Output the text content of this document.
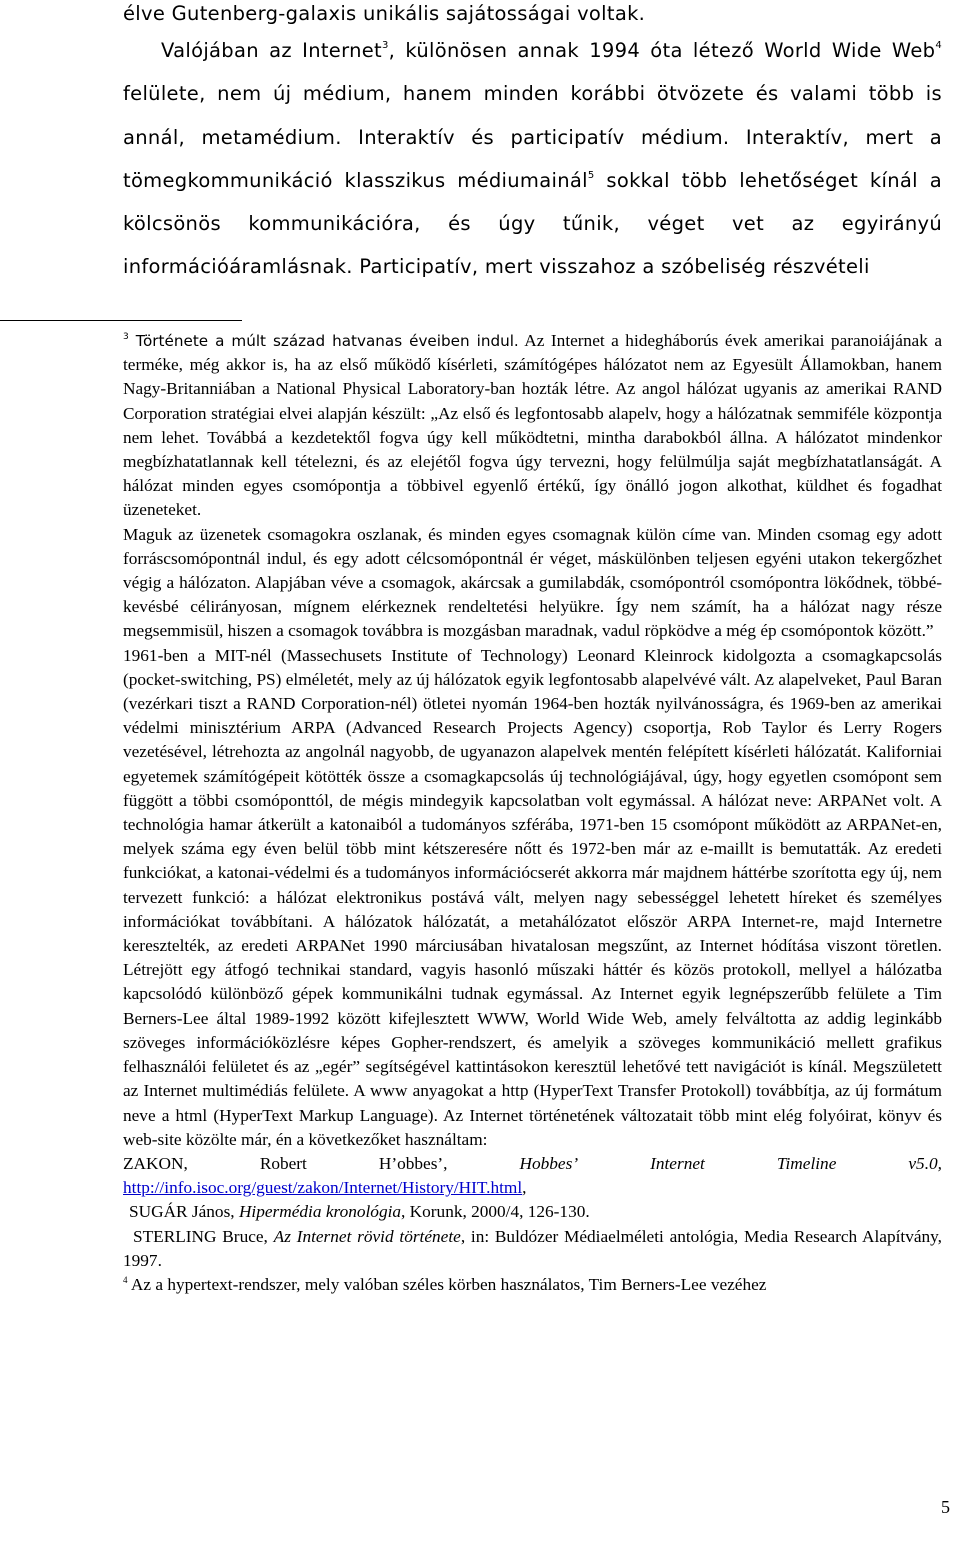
élve Gutenberg-galaxis unikális sajátosságai voltak.

Valójában az Internet$^3$, különösen annak 1994 óta létező World Wide Web$^4$ felülete, nem új médium, hanem minden korábbi ötvözete és valami több is annál, metamédium. Interaktív és participatív médium. Interaktív, mert a tömegkommunikáció klasszikus médiumainál$^5$ sokkal több lehetőséget kínál a kölcsönös kommunikációra, és úgy tűnik, véget vet az egyirányú információáramlásnak. Participatív, mert visszahoz a szóbeliség részvételi

$^3$ Története a múlt század hatvanas éveiben indul. Az Internet a hidegháborús évek amerikai paranoiájának a terméke, még akkor is, ha az első működő kísérleti, számítógépes hálózatot nem az Egyesült Államokban, hanem Nagy-Britanniában a National Physical Laboratory-ban hozták létre. Az angol hálózat ugyanis az amerikai RAND Corporation stratégiai elvei alapján készült: „Az első és legfontosabb alapelv, hogy a hálózatnak semmiféle központja nem lehet. Továbbá a kezdetektől fogva úgy kell működtetni, mintha darabokból állna. A hálózatot mindenkor megbízhatatlannak kell tételezni, és az elejétől fogva úgy tervezni, hogy felülmúlja saját megbízhatatlanságát. A hálózat minden egyes csomópontja a többivel egyenlő értékű, így önálló jogon alkothat, küldhet és fogadhat üzeneteket.

Maguk az üzenetek csomagokra oszlanak, és minden egyes csomagnak külön címe van. Minden csomag egy adott forráscsomópontnál indul, és egy adott célcsomópontnál ér véget, máskülönben teljesen egyéni utakon tekergőzhet végig a hálózaton. Alapjában véve a csomagok, akárcsak a gumilabdák, csomópontról csomópontra lökődnek, többé-kevésbé célirányosan, mígnem elérkeznek rendeltetési helyükre. Így nem számít, ha a hálózat nagy része megsemmisül, hiszen a csomagok továbbra is mozgásban maradnak, vadul röpködve a még ép csomópontok között.”

1961-ben a MIT-nél (Massechusets Institute of Technology) Leonard Kleinrock kidolgozta a csomagkapcsolás (pocket-switching, PS) elméletét, mely az új hálózatok egyik legfontosabb alapelvévé vált. Az alapelveket, Paul Baran (vezérkari tiszt a RAND Corporation-nél) ötletei nyomán 1964-ben hozták nyilvánosságra, és 1969-ben az amerikai védelmi minisztérium ARPA (Advanced Research Projects Agency) csoportja, Rob Taylor és Lerry Rogers vezetésével, létrehozta az angolnál nagyobb, de ugyanazon alapelvek mentén felépített kísérleti hálózatát. Kaliforniai egyetemek számítógépeit kötötték össze a csomagkapcsolás új technológiájával, úgy, hogy egyetlen csomópont sem függött a többi csomóponttól, de mégis mindegyik kapcsolatban volt egymással. A hálózat neve: ARPANet volt. A technológia hamar átkerült a katonaiból a tudományos szférába, 1971-ben 15 csomópont működött az ARPANet-en, melyek száma egy éven belül több mint kétszeresére nőtt és 1972-ben már az e-maillt is bemutatták. Az eredeti funkciókat, a katonai-védelmi és a tudományos információcserét akkorra már majdnem háttérbe szorította egy új, nem tervezett funkció: a hálózat elektronikus postává vált, melyen nagy sebességgel lehetett híreket és személyes információkat továbbítani. A hálózatok hálózatát, a metahálózatot először ARPA Internet-re, majd Internetre keresztelték, az eredeti ARPANet 1990 márciusában hivatalosan megszűnt, az Internet hódítása viszont töretlen. Létrejött egy átfogó technikai standard, vagyis hasonló műszaki háttér és közös protokoll, mellyel a hálózatba kapcsolódó különböző gépek kommunikálni tudnak egymással. Az Internet egyik legnépszerűbb felülete a Tim Berners-Lee által 1989-1992 között kifejlesztett WWW, World Wide Web, amely felváltotta az addig leginkább szöveges információközlésre képes Gopher-rendszert, és amelyik a szöveges kommunikáció mellett grafikus felhasználói felületet és az „egér” segítségével kattintásokon keresztül lehetővé tett navigációt is kínál. Megszületett az Internet multimédiás felülete. A www anyagokat a http (HyperText Transfer Protokoll) továbbítja, az új formátum neve a html (HyperText Markup Language). Az Internet történetének változatait több mint elég folyóirat, könyv és web-site közölte már, én a következőket használtam:

ZAKON,	Robert	H’obbes’,	Hobbes’	Internet	Timeline	v5.0,

http://info.isoc.org/guest/zakon/Internet/History/HIT.html,

SUGÁR János, Hipermédia kronológia, Korunk, 2000/4, 126-130.

STERLING Bruce, Az Internet rövid története, in: Buldózer Médiaelméleti antológia, Media Research Alapítvány, 1997.

$^4$ Az a hypertext-rendszer, mely valóban széles körben használatos, Tim Berners-Lee vezéhez

5
